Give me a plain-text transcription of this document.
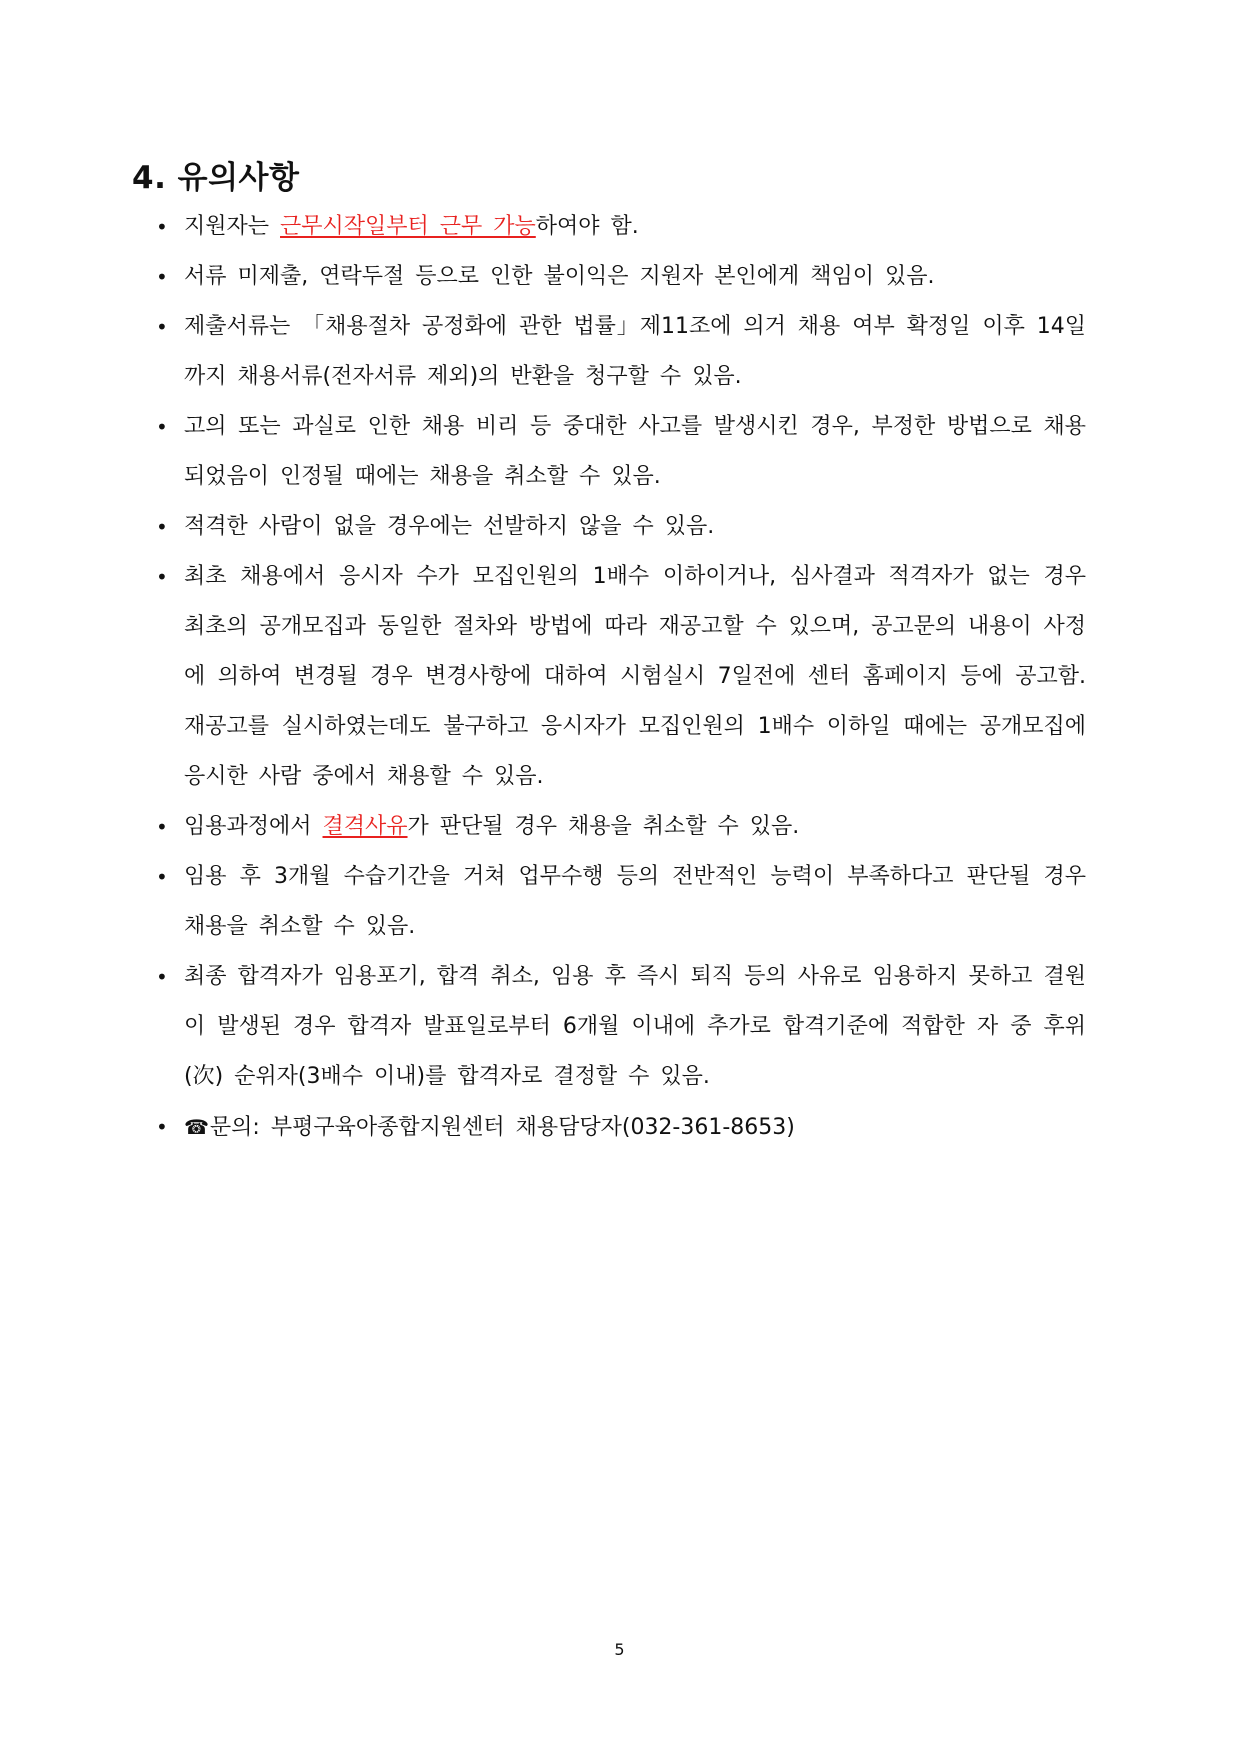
4. 유의사항
• 지원자는 근무시작일부터 근무 가능하여야 함.
• 서류 미제출, 연락두절 등으로 인한 불이익은 지원자 본인에게 책임이 있음.
• 제출서류는 「채용절차 공정화에 관한 법률」제11조에 의거 채용 여부 확정일 이후 14일까지 채용서류(전자서류 제외)의 반환을 청구할 수 있음.
• 고의 또는 과실로 인한 채용 비리 등 중대한 사고를 발생시킨 경우, 부정한 방법으로 채용되었음이 인정될 때에는 채용을 취소할 수 있음.
• 적격한 사람이 없을 경우에는 선발하지 않을 수 있음.
• 최초 채용에서 응시자 수가 모집인원의 1배수 이하이거나, 심사결과 적격자가 없는 경우 최초의 공개모집과 동일한 절차와 방법에 따라 재공고할 수 있으며, 공고문의 내용이 사정에 의하여 변경될 경우 변경사항에 대하여 시험실시 7일전에 센터 홈페이지 등에 공고함. 재공고를 실시하였는데도 불구하고 응시자가 모집인원의 1배수 이하일 때에는 공개모집에 응시한 사람 중에서 채용할 수 있음.
• 임용과정에서 결격사유가 판단될 경우 채용을 취소할 수 있음.
• 임용 후 3개월 수습기간을 거쳐 업무수행 등의 전반적인 능력이 부족하다고 판단될 경우 채용을 취소할 수 있음.
• 최종 합격자가 임용포기, 합격 취소, 임용 후 즉시 퇴직 등의 사유로 임용하지 못하고 결원이 발생된 경우 합격자 발표일로부터 6개월 이내에 추가로 합격기준에 적합한 자 중 후위(次) 순위자(3배수 이내)를 합격자로 결정할 수 있음.
• ☎문의: 부평구육아종합지원센터 채용담당자(032-361-8653)
5
